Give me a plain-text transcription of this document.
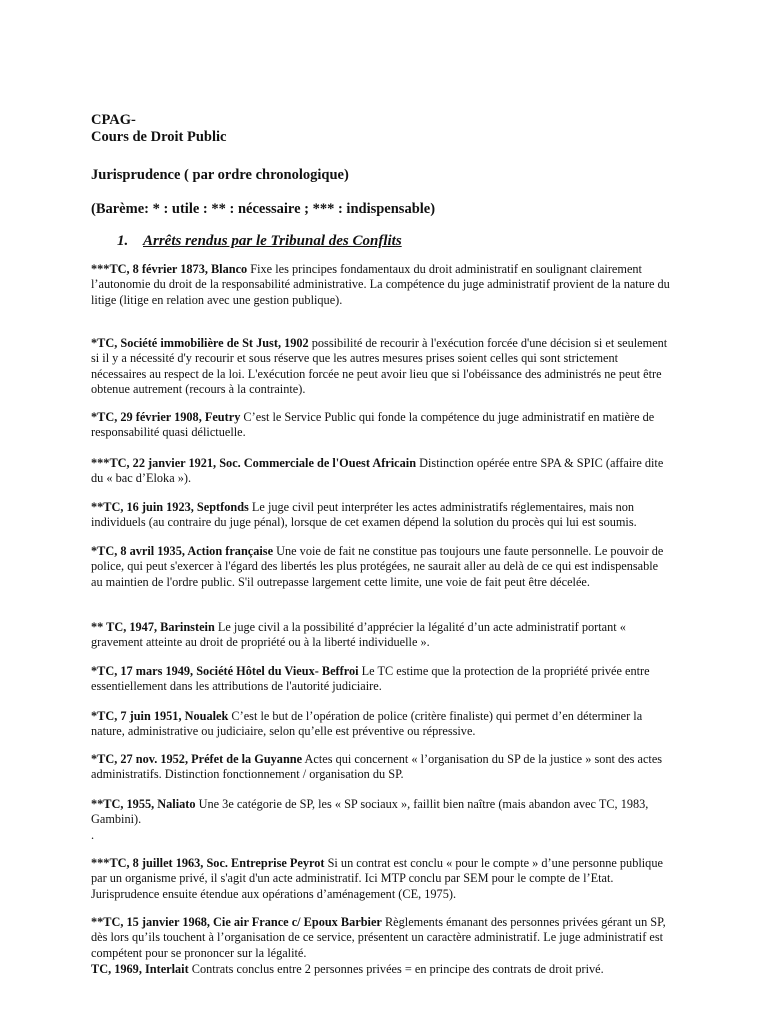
CPAG-
Cours de Droit Public
Jurisprudence ( par ordre chronologique)
(Barème: * : utile : ** : nécessaire ; *** : indispensable)
1. Arrêts rendus par le Tribunal des Conflits
***TC, 8 février 1873, Blanco Fixe les principes fondamentaux du droit administratif en soulignant clairement l’autonomie du droit de la responsabilité administrative. La compétence du juge administratif provient de la nature du litige (litige en relation avec une gestion publique).
*TC, Société immobilière de St Just, 1902 possibilité de recourir à l'exécution forcée d'une décision si et seulement si il y a nécessité d'y recourir et sous réserve que les autres mesures prises soient celles qui sont strictement nécessaires au respect de la loi. L'exécution forcée ne peut avoir lieu que si l'obéissance des administrés ne peut être obtenue autrement (recours à la contrainte).
*TC, 29 février 1908, Feutry C’est le Service Public qui fonde la compétence du juge administratif en matière de responsabilité quasi délictuelle.
***TC, 22 janvier 1921, Soc. Commerciale de l'Ouest Africain Distinction opérée entre SPA & SPIC (affaire dite du « bac d’Eloka »).
**TC, 16 juin 1923, Septfonds Le juge civil peut interpréter les actes administratifs réglementaires, mais non individuels (au contraire du juge pénal), lorsque de cet examen dépend la solution du procès qui lui est soumis.
*TC, 8 avril 1935, Action française Une voie de fait ne constitue pas toujours une faute personnelle. Le pouvoir de police, qui peut s'exercer à l'égard des libertés les plus protégées, ne saurait aller au delà de ce qui est indispensable au maintien de l'ordre public. S'il outrepasse largement cette limite, une voie de fait peut être décelée.
** TC, 1947, Barinstein Le juge civil a la possibilité d’apprécier la légalité d’un acte administratif portant « gravement atteinte au droit de propriété ou à la liberté individuelle ».
*TC, 17 mars 1949, Société Hôtel du Vieux- Beffroi Le TC estime que la protection de la propriété privée entre essentiellement dans les attributions de l'autorité judiciaire.
*TC, 7 juin 1951, Noualek C’est le but de l’opération de police (critère finaliste) qui permet d’en déterminer la nature, administrative ou judiciaire, selon qu’elle est préventive ou répressive.
*TC, 27 nov. 1952, Préfet de la Guyanne Actes qui concernent « l’organisation du SP de la justice » sont des actes administratifs. Distinction fonctionnement / organisation du SP.
**TC, 1955, Naliato Une 3e catégorie de SP, les « SP sociaux », faillit bien naître (mais abandon avec TC, 1983, Gambini).
.
***TC, 8 juillet 1963, Soc. Entreprise Peyrot Si un contrat est conclu « pour le compte » d’une personne publique par un organisme privé, il s'agit d'un acte administratif. Ici MTP conclu par SEM pour le compte de l’Etat. Jurisprudence ensuite étendue aux opérations d’aménagement (CE, 1975).
**TC, 15 janvier 1968, Cie air France c/ Epoux Barbier Règlements émanant des personnes privées gérant un SP, dès lors qu’ils touchent à l’organisation de ce service, présentent un caractère administratif. Le juge administratif est compétent pour se prononcer sur la légalité.
TC, 1969, Interlait Contrats conclus entre 2 personnes privées = en principe des contrats de droit privé.
